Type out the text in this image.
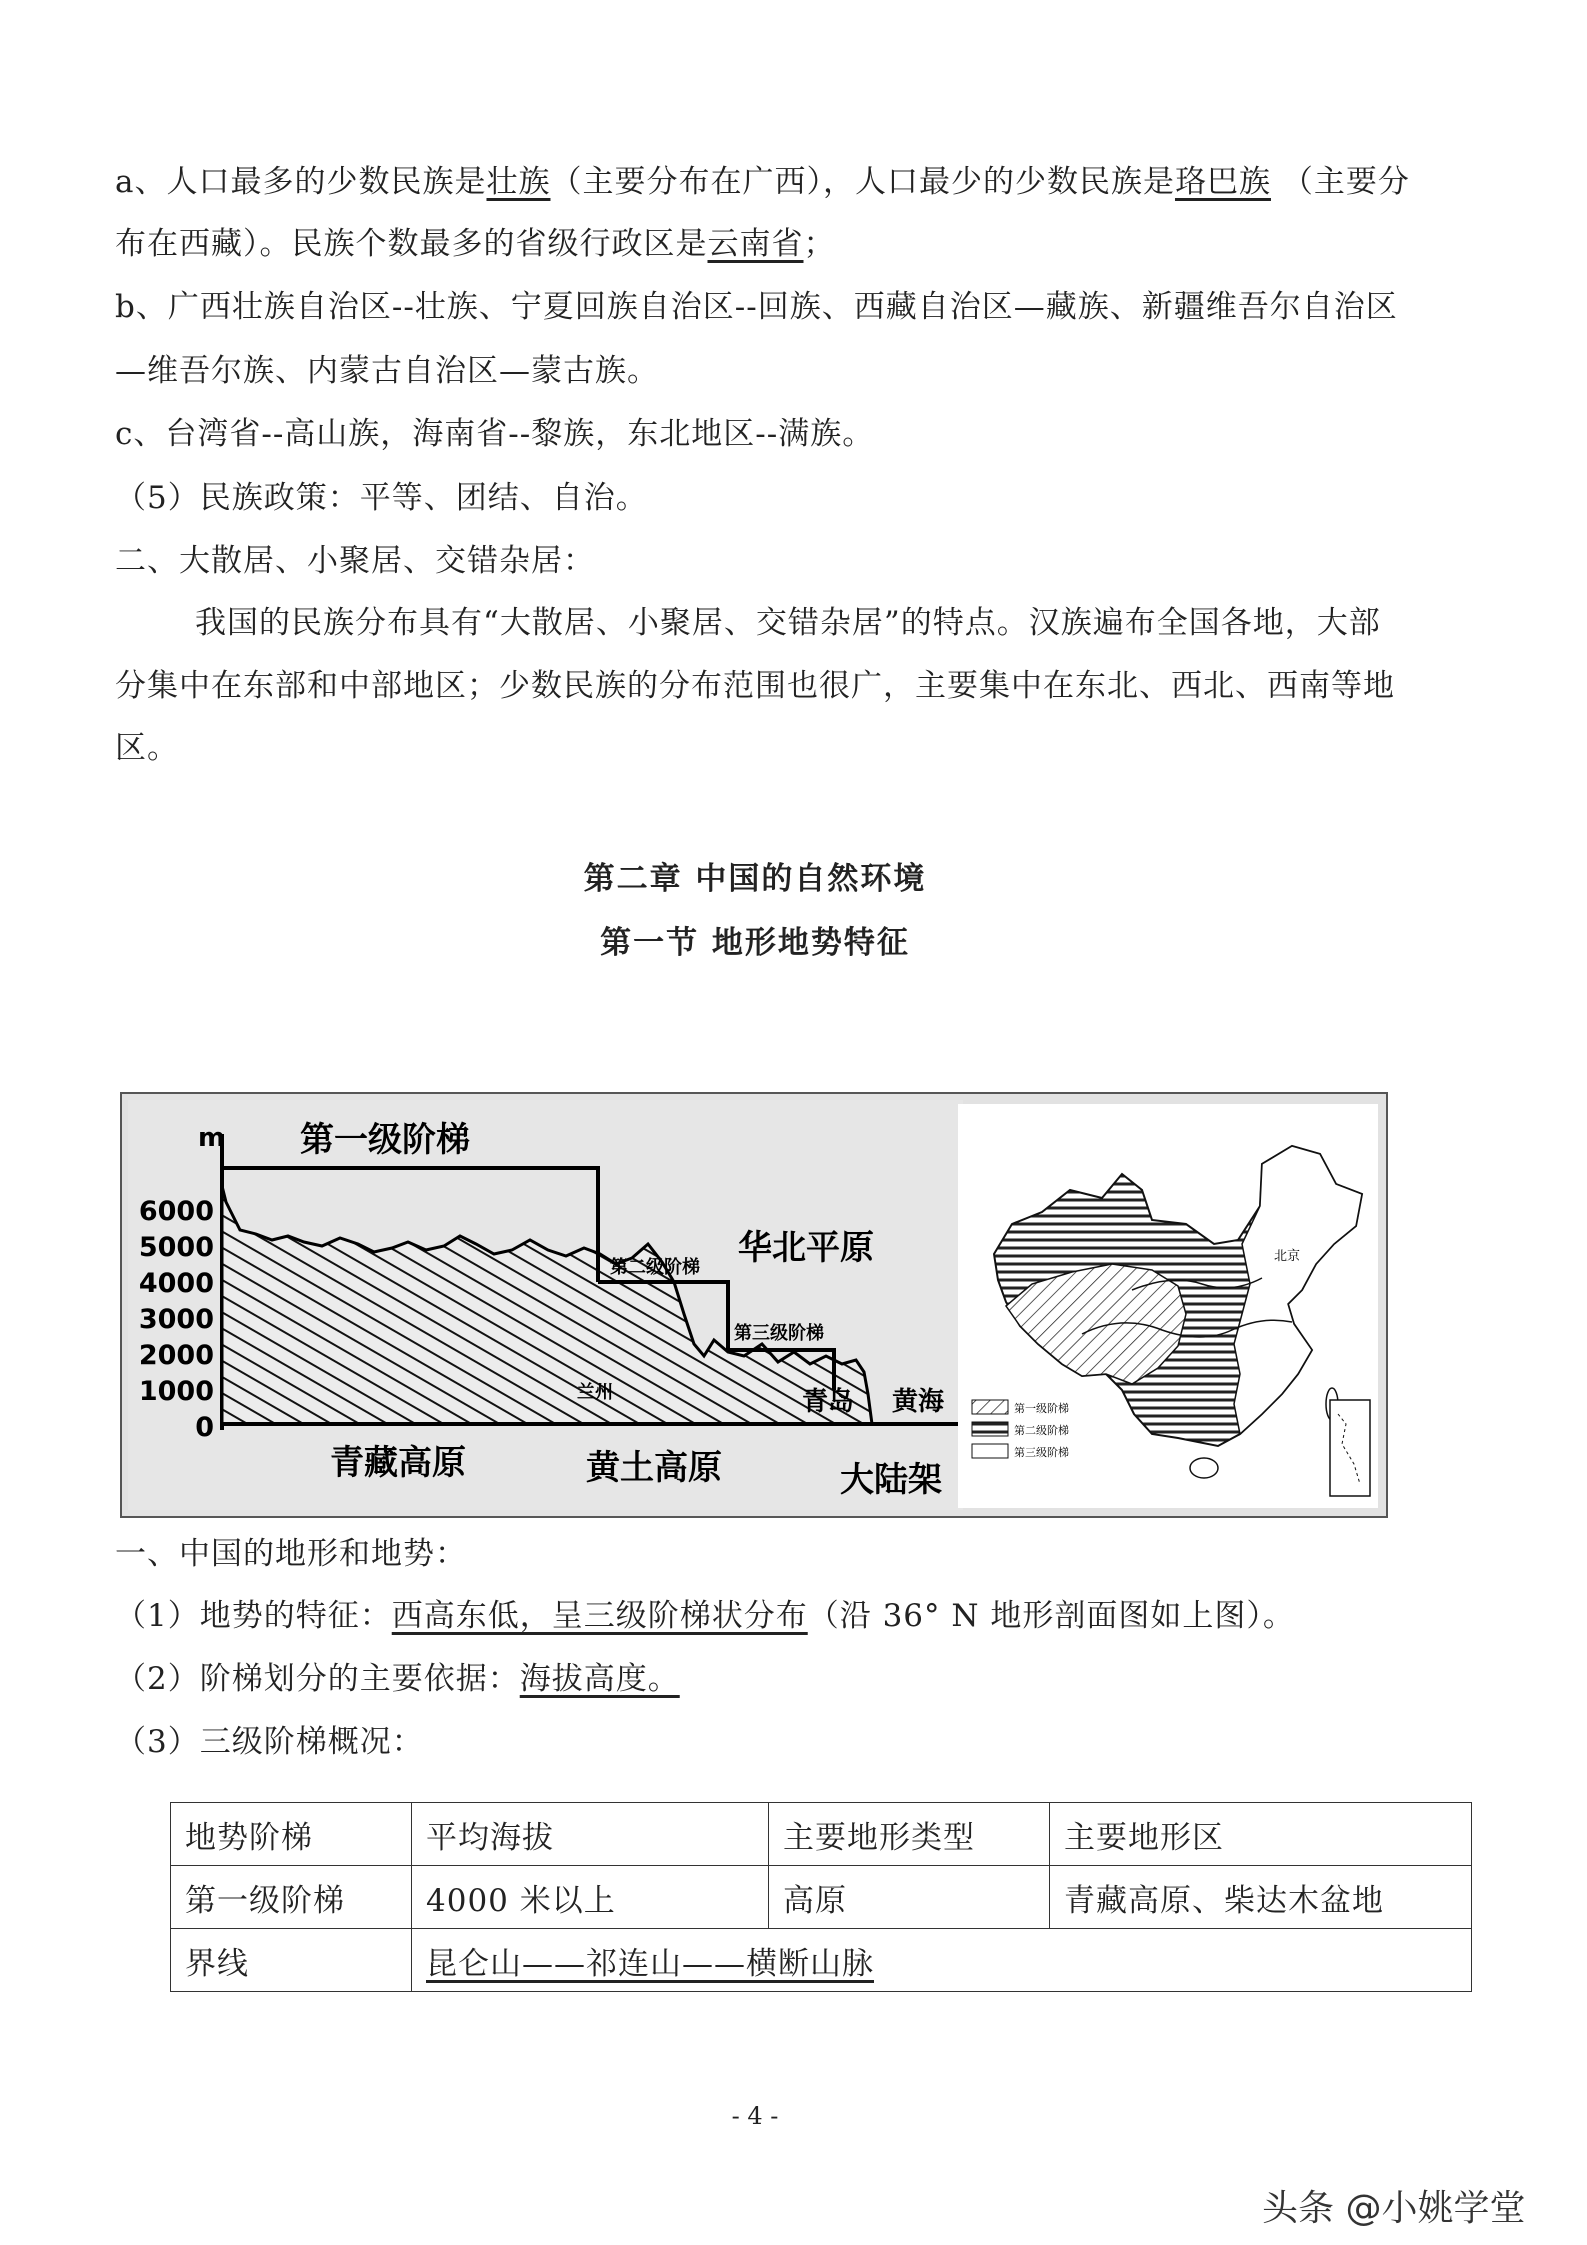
a、人口最多的少数民族是壮族（主要分布在广西），人口最少的少数民族是珞巴族 （主要分
布在西藏）。民族个数最多的省级行政区是云南省；
b、广西壮族自治区--壮族、宁夏回族自治区--回族、西藏自治区—藏族、新疆维吾尔自治区
—维吾尔族、内蒙古自治区—蒙古族。
c、台湾省--高山族，海南省--黎族，东北地区--满族。
（5）民族政策：平等、团结、自治。
二、大散居、小聚居、交错杂居：
我国的民族分布具有“大散居、小聚居、交错杂居”的特点。汉族遍布全国各地，大部
分集中在东部和中部地区；少数民族的分布范围也很广，主要集中在东北、西北、西南等地
区。
第二章 中国的自然环境
第一节 地形地势特征
m
6000
5000
4000
3000
2000
1000
0
第一级阶梯
第二级阶梯
第三级阶梯
华北平原
兰州	青岛 黄海
青藏高原	黄土高原	大陆架
北京
第一级阶梯
第二级阶梯
第三级阶梯
一、中国的地形和地势：
（1）地势的特征：西高东低，呈三级阶梯状分布（沿 36° N 地形剖面图如上图）。
（2）阶梯划分的主要依据：海拔高度。
（3）三级阶梯概况：
地势阶梯	平均海拔	主要地形类型	主要地形区
第一级阶梯	4000 米以上	高原	青藏高原、柴达木盆地
界线	昆仑山——祁连山——横断山脉		
- 4 -
头条 @小姚学堂
